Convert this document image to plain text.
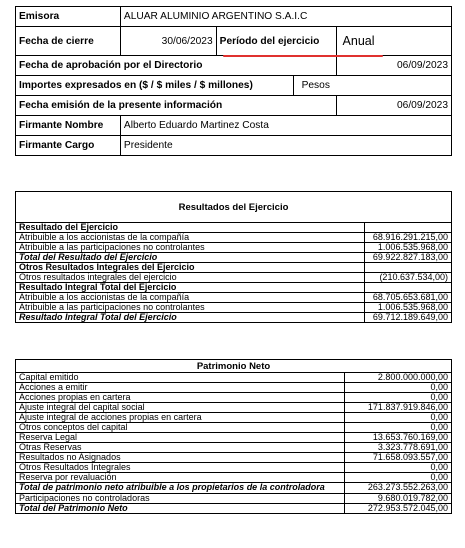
Emisora	ALUAR ALUMINIO ARGENTINO S.A.I.C			
Fecha de cierre	30/06/2023	Período del ejercicio		Anual
Fecha de aprobación por el Directorio				06/09/2023
Importes expresados en ($ / $ miles / $ millones)			Pesos	
Fecha emisión de la presente información				06/09/2023
Firmante Nombre	Alberto Eduardo Martinez Costa			
Firmante Cargo	Presidente			
Resultados del Ejercicio	
Resultado del Ejercicio	
Atribuible a los accionistas de la compañía	68.916.291.215,00
Atribuible a las participaciones no controlantes	1.006.535.968,00
Total del Resultado del Ejercicio	69.922.827.183,00
Otros Resultados Integrales del Ejercicio	
Otros resultados integrales del ejercicio	(210.637.534,00)
Resultado Integral Total del Ejercicio	
Atribuible a los accionistas de la compañía	68.705.653.681,00
Atribuible a las participaciones no controlantes	1.006.535.968,00
Resultado Integral Total del Ejercicio	69.712.189.649,00
Patrimonio Neto	
Capital emitido	2.800.000.000,00
Acciones a emitir	0,00
Acciones propias en cartera	0,00
Ajuste integral del capital social	171.837.919.846,00
Ajuste integral de acciones propias en cartera	0,00
Otros conceptos del capital	0,00
Reserva Legal	13.653.760.169,00
Otras Reservas	3.323.778.691,00
Resultados no Asignados	71.658.093.557,00
Otros Resultados Integrales	0,00
Reserva por revaluación	0,00
Total de patrimonio neto atribuible a los propietarios de la controladora	263.273.552.263,00
Participaciones no controladoras	9.680.019.782,00
Total del Patrimonio Neto	272.953.572.045,00
